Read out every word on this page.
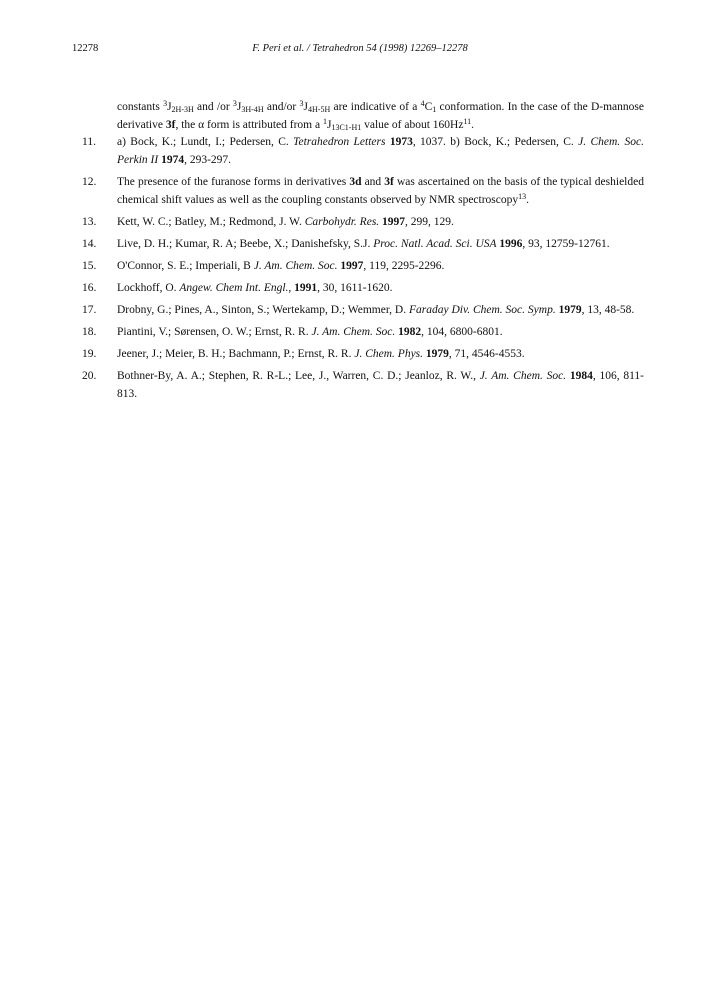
12278	F. Peri et al. / Tetrahedron 54 (1998) 12269–12278
constants $^3J_{2H-3H}$ and /or $^3J_{3H-4H}$ and/or $^3J_{4H-5H}$ are indicative of a $^4C_1$ conformation. In the case of the D-mannose derivative 3f, the α form is attributed from a $^1J_{13C1-H1}$ value of about 160Hz$^{11}$.
11. a) Bock, K.; Lundt, I.; Pedersen, C. Tetrahedron Letters 1973, 1037. b) Bock, K.; Pedersen, C. J. Chem. Soc. Perkin II 1974, 293-297.
12. The presence of the furanose forms in derivatives 3d and 3f was ascertained on the basis of the typical deshielded chemical shift values as well as the coupling constants observed by NMR spectroscopy$^{13}$.
13. Kett, W. C.; Batley, M.; Redmond, J. W. Carbohydr. Res. 1997, 299, 129.
14. Live, D. H.; Kumar, R. A; Beebe, X.; Danishefsky, S.J. Proc. Natl. Acad. Sci. USA 1996, 93, 12759-12761.
15. O'Connor, S. E.; Imperiali, B J. Am. Chem. Soc. 1997, 119, 2295-2296.
16. Lockhoff, O. Angew. Chem Int. Engl., 1991, 30, 1611-1620.
17. Drobny, G.; Pines, A., Sinton, S.; Wertekamp, D.; Wemmer, D. Faraday Div. Chem. Soc. Symp. 1979, 13, 48-58.
18. Piantini, V.; Sørensen, O. W.; Ernst, R. R. J. Am. Chem. Soc. 1982, 104, 6800-6801.
19. Jeener, J.; Meier, B. H.; Bachmann, P.; Ernst, R. R. J. Chem. Phys. 1979, 71, 4546-4553.
20. Bothner-By, A. A.; Stephen, R. R-L.; Lee, J., Warren, C. D.; Jeanloz, R. W., J. Am. Chem. Soc. 1984, 106, 811-813.
